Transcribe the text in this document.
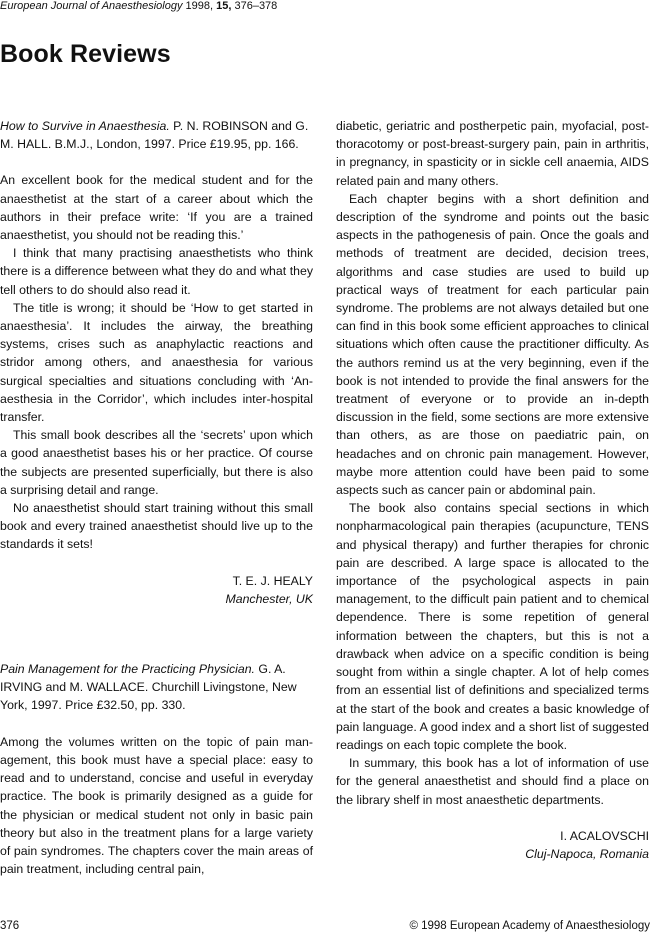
European Journal of Anaesthesiology 1998, 15, 376–378
Book Reviews

How to Survive in Anaesthesia. P. N. ROBINSON and G. M. HALL. B.M.J., London, 1997. Price £19.95, pp. 166.

An excellent book for the medical student and for the anaesthetist at the start of a career about which the authors in their preface write: ‘If you are a trained anaesthetist, you should not be reading this.’

I think that many practising anaesthetists who think there is a difference between what they do and what they tell others to do should also read it.

The title is wrong; it should be ‘How to get started in anaesthesia’. It includes the airway, the breathing systems, crises such as anaphylactic reactions and stridor among others, and anaesthesia for various surgical specialties and situations concluding with ‘Anaesthesia in the Corridor’, which includes inter-hospital transfer.

This small book describes all the ‘secrets’ upon which a good anaesthetist bases his or her practice. Of course the subjects are presented superficially, but there is also a surprising detail and range.

No anaesthetist should start training without this small book and every trained anaesthetist should live up to the standards it sets!

T. E. J. HEALY

Manchester, UK

Pain Management for the Practicing Physician. G. A. IRVING and M. WALLACE. Churchill Livingstone, New York, 1997. Price £32.50, pp. 330.

Among the volumes written on the topic of pain management, this book must have a special place: easy to read and to understand, concise and useful in everyday practice. The book is primarily designed as a guide for the physician or medical student not only in basic pain theory but also in the treatment plans for a large variety of pain syndromes. The chapters cover the main areas of pain treatment, including central pain,

diabetic, geriatric and postherpetic pain, myofacial, post-thoracotomy or post-breast-surgery pain, pain in arthritis, in pregnancy, in spasticity or in sickle cell anaemia, AIDS related pain and many others.

Each chapter begins with a short definition and description of the syndrome and points out the basic aspects in the pathogenesis of pain. Once the goals and methods of treatment are decided, decision trees, algorithms and case studies are used to build up practical ways of treatment for each particular pain syndrome. The problems are not always detailed but one can find in this book some efficient approaches to clinical situations which often cause the practitioner difficulty. As the authors remind us at the very beginning, even if the book is not intended to provide the final answers for the treatment of everyone or to provide an in-depth discussion in the field, some sections are more extensive than others, as are those on paediatric pain, on headaches and on chronic pain management. However, maybe more attention could have been paid to some aspects such as cancer pain or abdominal pain.

The book also contains special sections in which nonpharmacological pain therapies (acupuncture, TENS and physical therapy) and further therapies for chronic pain are described. A large space is allocated to the importance of the psychological aspects in pain management, to the difficult pain patient and to chemical dependence. There is some repetition of general information between the chapters, but this is not a drawback when advice on a specific condition is being sought from within a single chapter. A lot of help comes from an essential list of definitions and specialized terms at the start of the book and creates a basic knowledge of pain language. A good index and a short list of suggested readings on each topic complete the book.

In summary, this book has a lot of information of use for the general anaesthetist and should find a place on the library shelf in most anaesthetic departments.

I. ACALOVSCHI

Cluj-Napoca, Romania

376	© 1998 European Academy of Anaesthesiology
